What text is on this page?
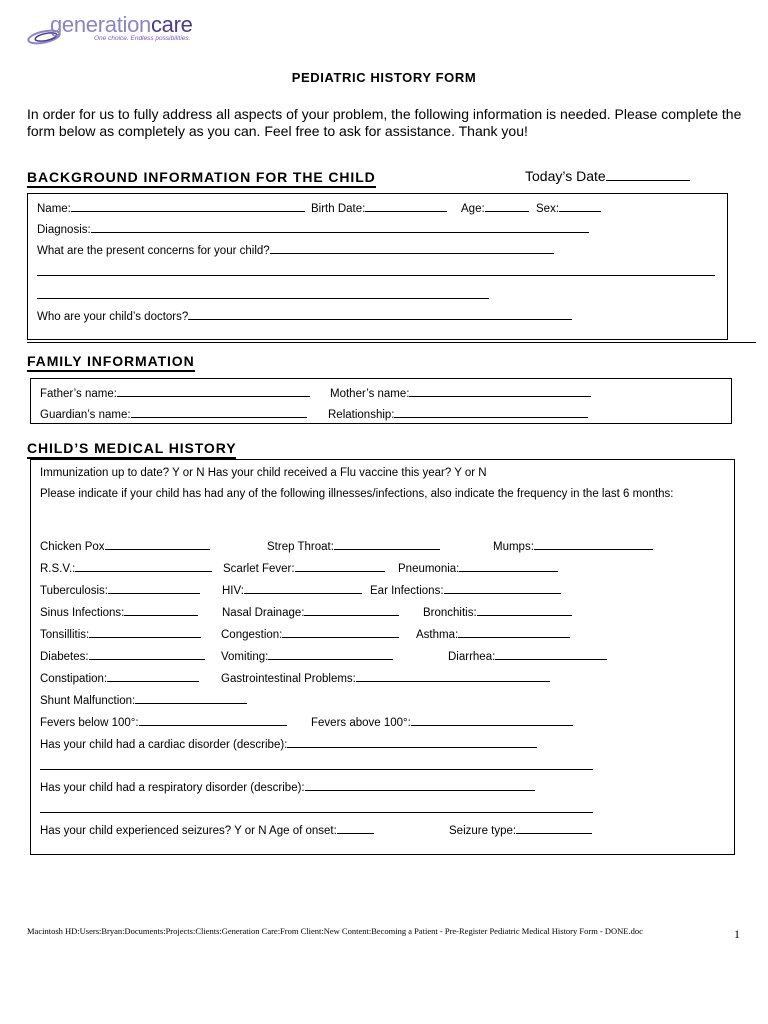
generationcare
One choice. Endless possibilities.
PEDIATRIC HISTORY FORM
In order for us to fully address all aspects of your problem, the following information is needed. Please complete the form below as completely as you can. Feel free to ask for assistance. Thank you!
BACKGROUND INFORMATION FOR THE CHILD	Today’s Date
Name:	Birth Date:	Age:	Sex:
Diagnosis:
What are the present concerns for your child?
Who are your child’s doctors?
FAMILY INFORMATION
Father’s name:	Mother’s name:
Guardian’s name:	Relationship:
CHILD’S MEDICAL HISTORY
Immunization up to date? Y or N Has your child received a Flu vaccine this year? Y or N
Please indicate if your child has had any of the following illnesses/infections, also indicate the frequency in the last 6 months:
Chicken Pox	Strep Throat:	Mumps:
R.S.V.:	Scarlet Fever:	Pneumonia:
Tuberculosis:	HIV:	Ear Infections:
Sinus Infections:	Nasal Drainage:	Bronchitis:
Tonsillitis:	Congestion:	Asthma:
Diabetes:	Vomiting:	Diarrhea:
Constipation:	Gastrointestinal Problems:
Shunt Malfunction:
Fevers below 100°:	Fevers above 100°:
Has your child had a cardiac disorder (describe):
Has your child had a respiratory disorder (describe):
Has your child experienced seizures? Y or N Age of onset:	Seizure type:
Macintosh HD:Users:Bryan:Documents:Projects:Clients:Generation Care:From Client:New Content:Becoming a Patient - Pre-Register Pediatric Medical History Form - DONE.doc	1
